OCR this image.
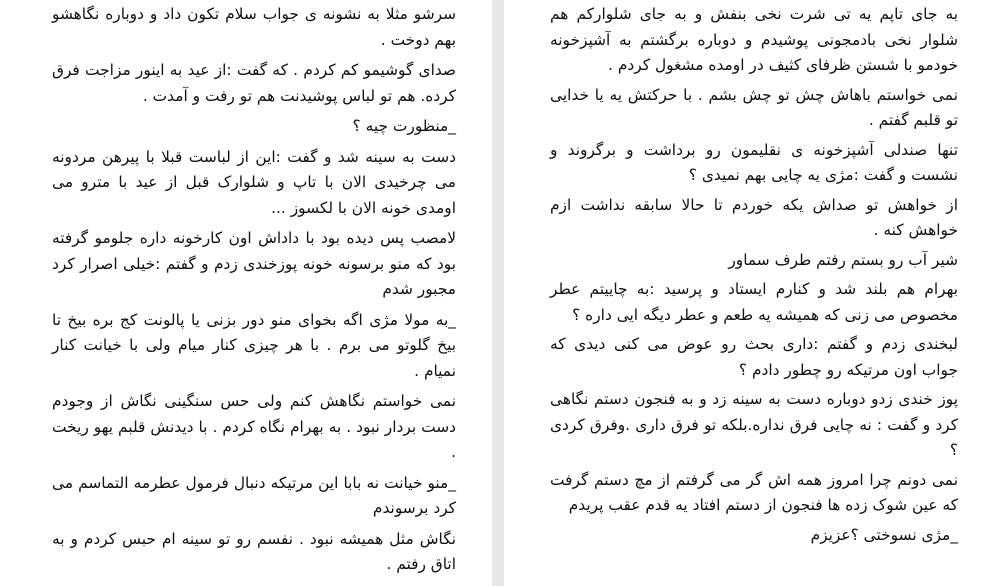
سرشو مثلا به نشونه ی جواب سلام تکون داد و دوباره نگاهشو بهم دوخت .

صدای گوشیمو کم کردم . که گفت :از عید به اینور مزاجت فرق کرده. هم تو لباس پوشیدنت هم تو رفت و آمدت .

_منظورت چیه ؟

دست به سینه شد و گفت :این از لباست قبلا با پیرهن مردونه می چرخیدی الان با تاپ و شلوارک قبل از عید با مترو می اومدی خونه الان با لکسوز ...

لامصب پس دیده بود با داداش اون کارخونه داره جلومو گرفته بود که منو برسونه خونه پوزخندی زدم و گفتم :خیلی اصرار کرد مجبور شدم

_به مولا مژی اگه بخوای منو دور بزنی یا پالونت کج بره بیخ تا بیخ گلوتو می برم . با هر چیزی کنار میام ولی با خیانت کنار نمیام .

نمی خواستم نگاهش کنم ولی حس سنگینی نگاش از وجودم دست بردار نبود . به بهرام نگاه کردم . با دیدنش قلبم یهو ریخت .

_منو خیانت نه بابا این مرتیکه دنبال فرمول عطرمه التماسم می کرد برسوندم

نگاش مثل همیشه نبود . نفسم رو تو سینه ام حبس کردم و به اتاق رفتم .

به جای تاپم یه تی شرت نخی بنفش و به جای شلوارکم هم شلوار نخی بادمجونی پوشیدم و دوباره برگشتم به آشپزخونه خودمو با شستن ظرفای کثیف در اومده مشغول کردم .

نمی خواستم باهاش چش تو چش بشم . با حرکتش یه یا خدایی تو قلبم گفتم .

تنها صندلی آشپزخونه ی نقلیمون رو برداشت و برگروند و نشست و گفت :مژی یه چایی بهم نمیدی ؟

از خواهش تو صداش یکه خوردم تا حالا سابقه نداشت ازم خواهش کنه .

شیر آب رو بستم رفتم طرف سماور

بهرام هم بلند شد و کنارم ایستاد و پرسید :به چاییتم عطر مخصوص می زنی که همیشه یه طعم و عطر دیگه ایی داره ؟

لبخندی زدم و گفتم :داری بحث رو عوض می کنی دیدی که جواب اون مرتیکه رو چطور دادم ؟

پوز خندی زدو دوباره دست به سینه زد و به فنجون دستم نگاهی کرد و گفت : نه چایی فرق نداره.بلکه تو فرق داری .وفرق کردی ؟

نمی دونم چرا امروز همه اش گر می گرفتم از مچ دستم گرفت که عین شوک زده ها فنجون از دستم افتاد یه قدم عقب پریدم

_مژی نسوختی ؟عزیزم
